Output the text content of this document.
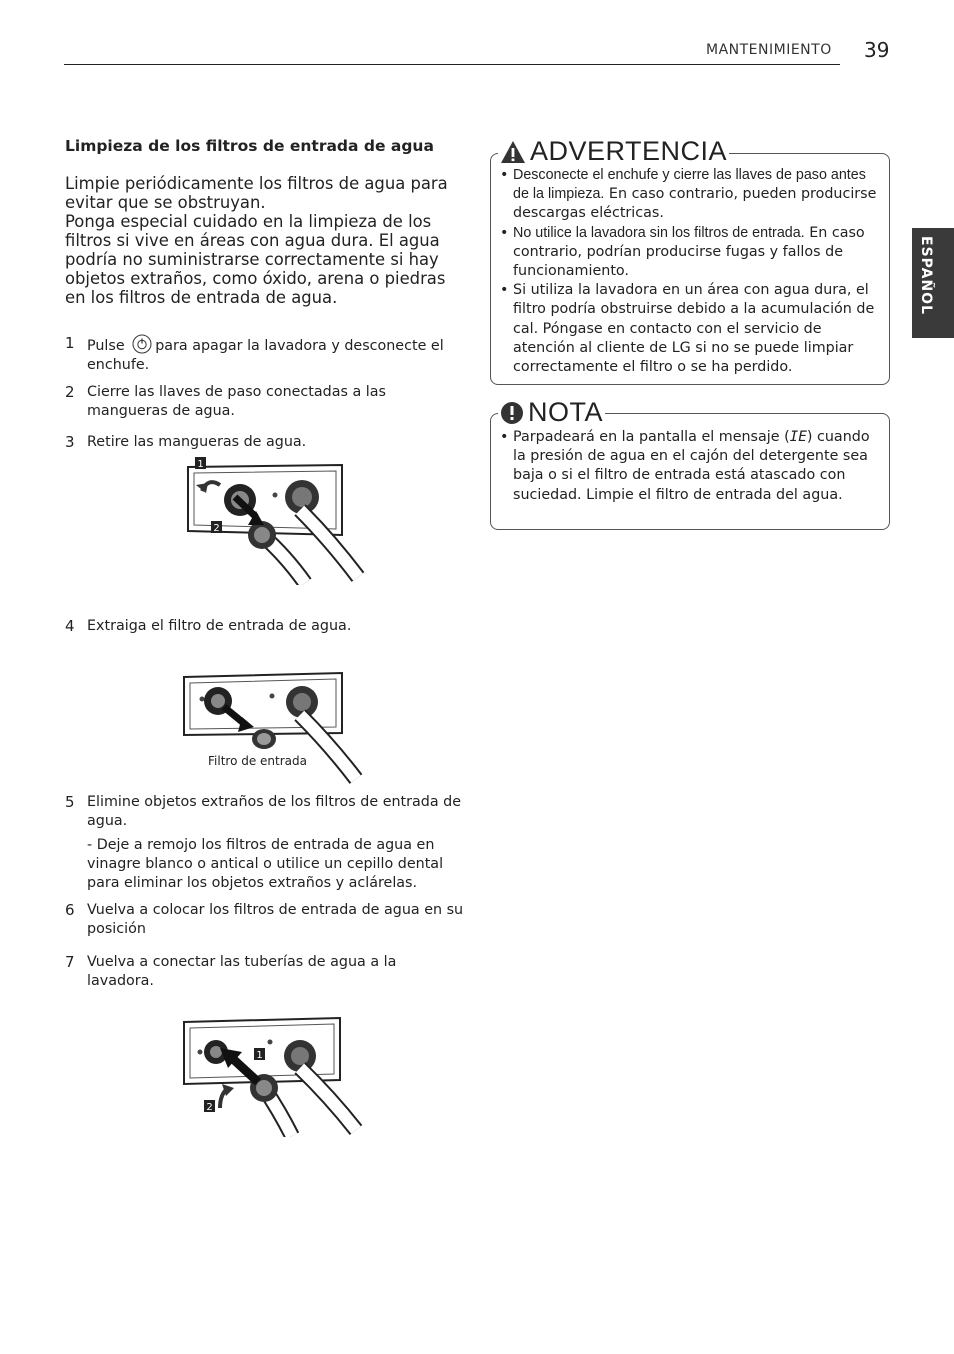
MANTENIMIENTO 39
ESPAÑOL
Limpieza de los filtros de entrada de agua
Limpie periódicamente los filtros de agua para evitar que se obstruyan.
Ponga especial cuidado en la limpieza de los filtros si vive en áreas con agua dura. El agua podría no suministrarse correctamente si hay objetos extraños, como óxido, arena o piedras en los filtros de entrada de agua.
1 Pulse para apagar la lavadora y desconecte el enchufe.
2 Cierre las llaves de paso conectadas a las mangueras de agua.
3 Retire las mangueras de agua.
1
2
4 Extraiga el filtro de entrada de agua.
Filtro de entrada
5 Elimine objetos extraños de los filtros de entrada de agua.
- Deje a remojo los filtros de entrada de agua en vinagre blanco o antical o utilice un cepillo dental para eliminar los objetos extraños y aclárelas.
6 Vuelva a colocar los filtros de entrada de agua en su posición
7 Vuelva a conectar las tuberías de agua a la lavadora.
1
2
• Desconecte el enchufe y cierre las llaves de paso antes de la limpieza. En caso contrario, pueden producirse descargas eléctricas.
• No utilice la lavadora sin los filtros de entrada. En caso contrario, podrían producirse fugas y fallos de funcionamiento.
• Si utiliza la lavadora en un área con agua dura, el filtro podría obstruirse debido a la acumulación de cal. Póngase en contacto con el servicio de atención al cliente de LG si no se puede limpiar correctamente el filtro o se ha perdido.
ADVERTENCIA
• Parpadeará en la pantalla el mensaje (IE) cuando la presión de agua en el cajón del detergente sea baja o si el filtro de entrada está atascado con suciedad. Limpie el filtro de entrada del agua.
NOTA
